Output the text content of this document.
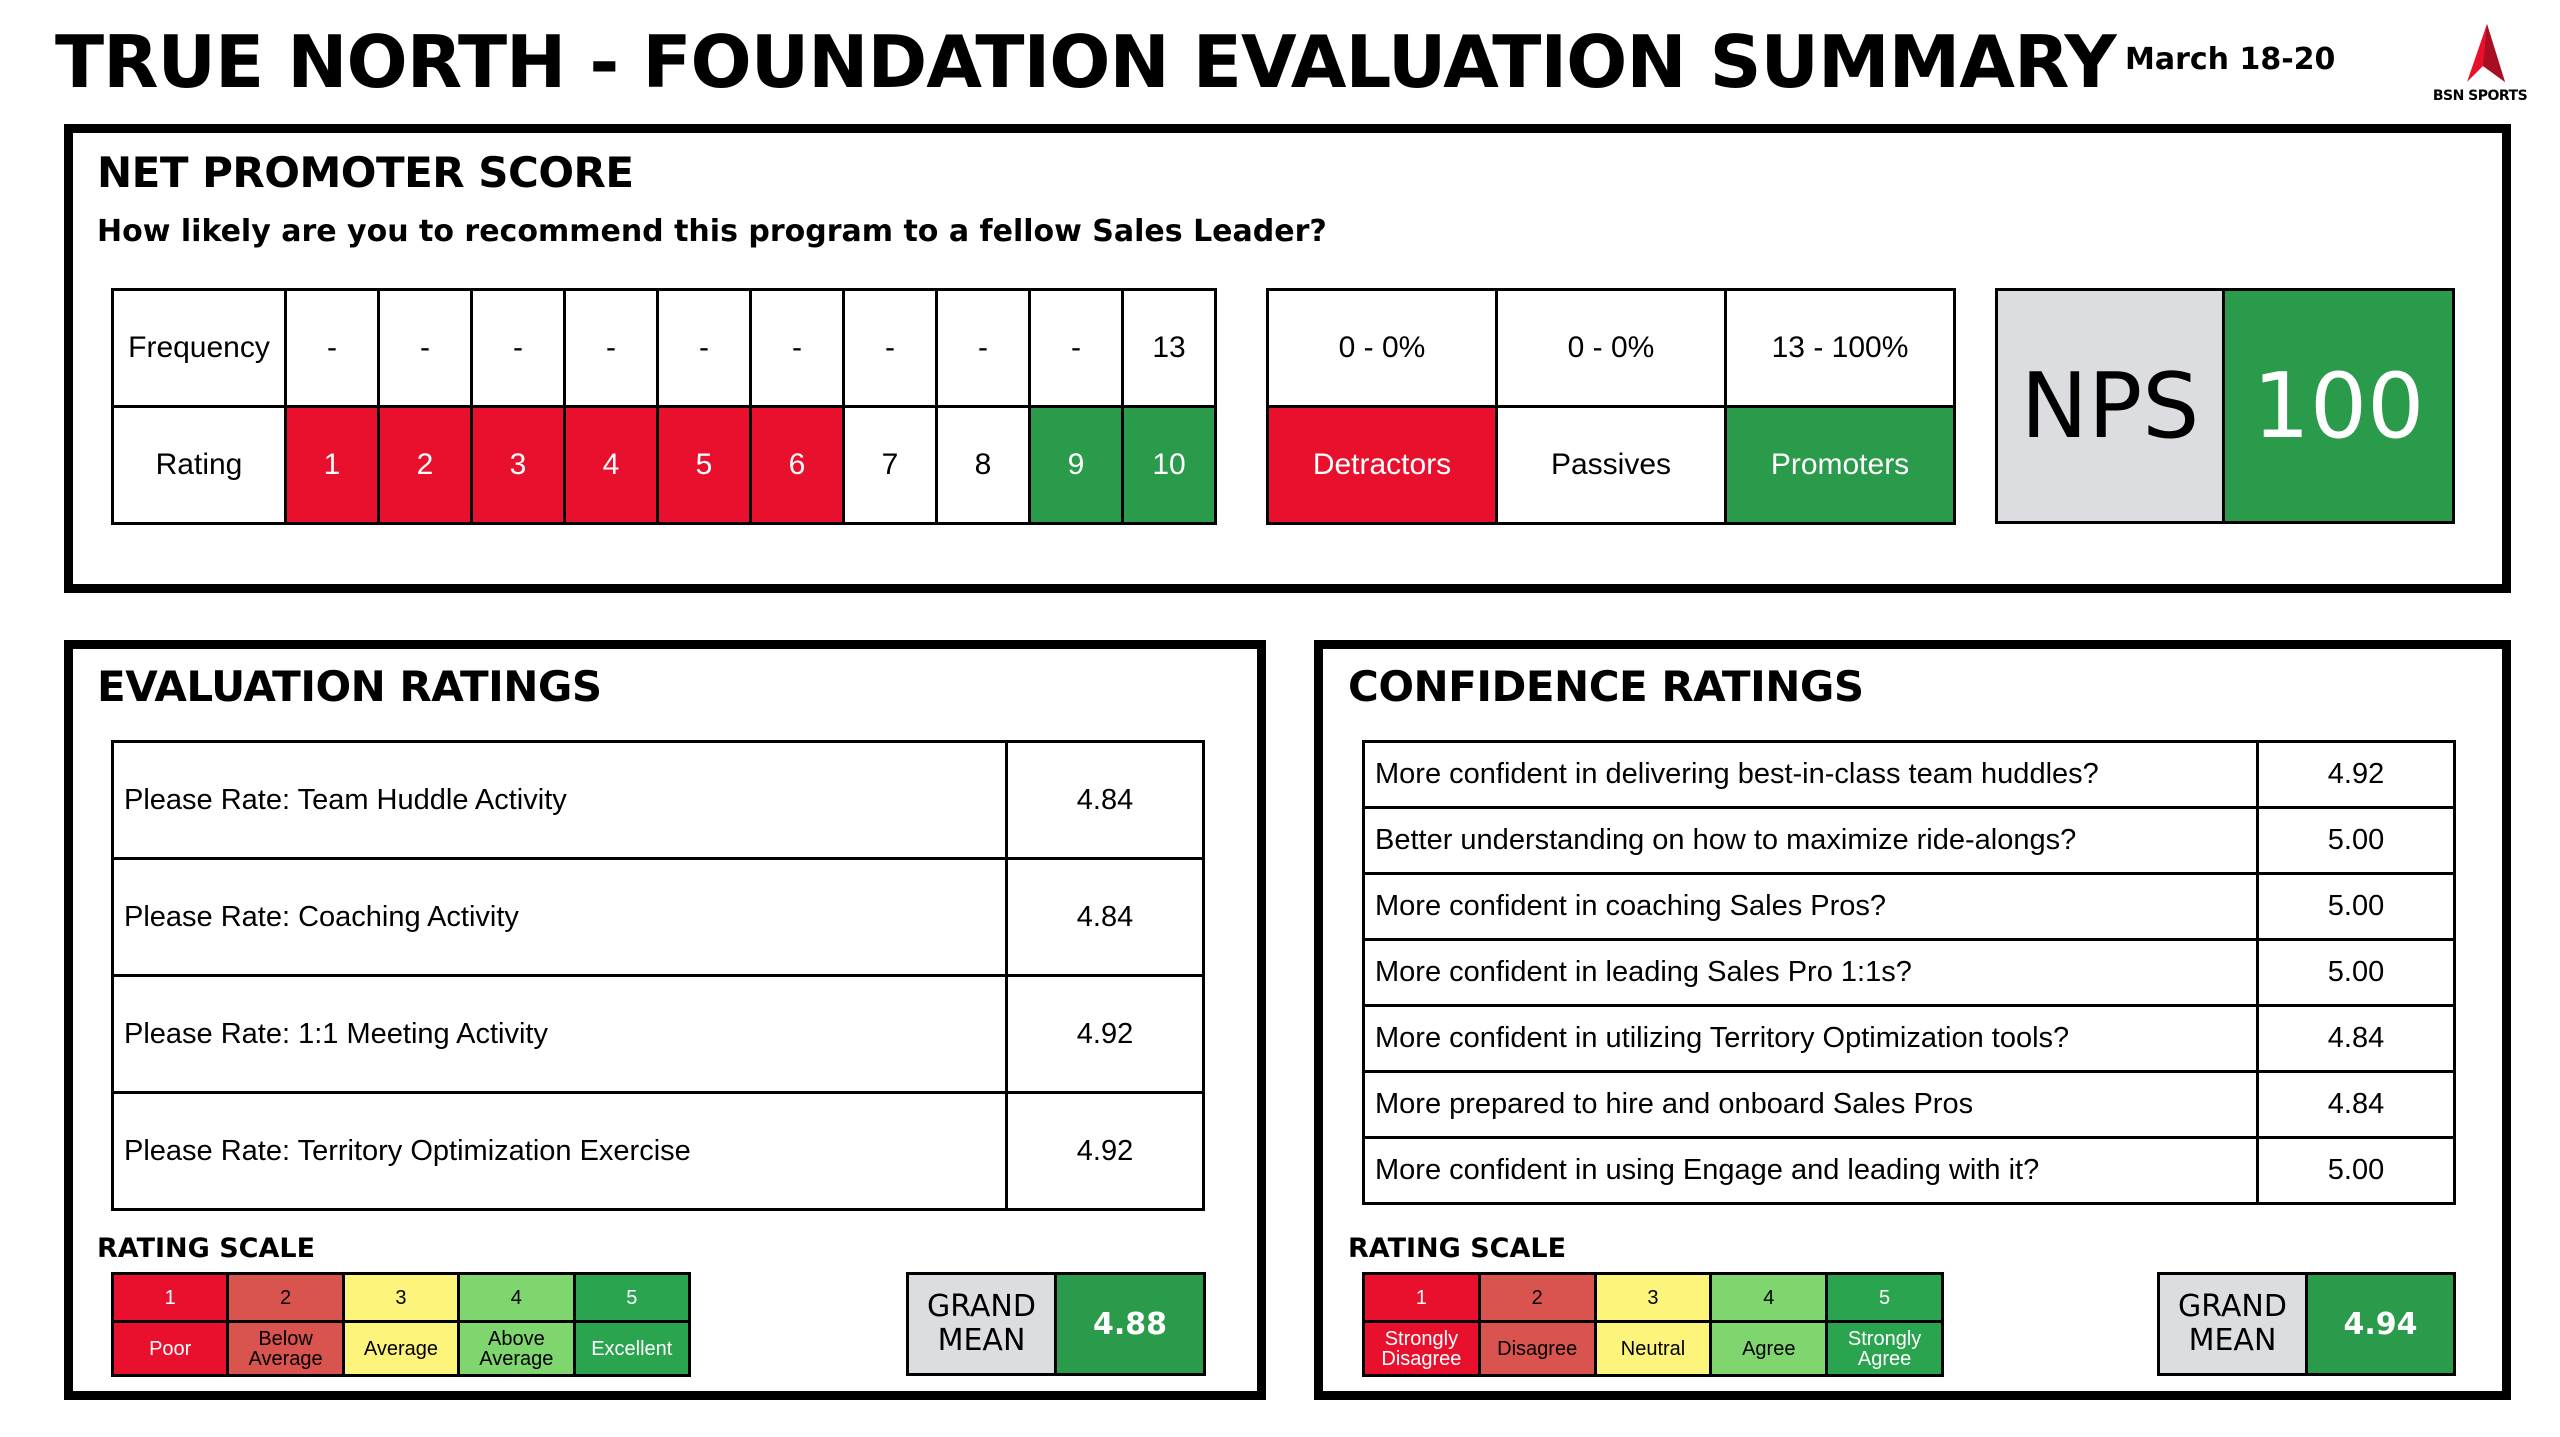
TRUE NORTH - FOUNDATION EVALUATION SUMMARY March 18-20
BSN SPORTS
NET PROMOTER SCORE
How likely are you to recommend this program to a fellow Sales Leader?
Frequency	-	-	-	-	-	-	-	-	-	13
Rating	1	2	3	4	5	6	7	8	9	10
0 - 0%	0 - 0%	13 - 100%
Detractors	Passives	Promoters
NPS 100
EVALUATION RATINGS
Please Rate: Team Huddle Activity	4.84
Please Rate: Coaching Activity	4.84
Please Rate: 1:1 Meeting Activity	4.92
Please Rate: Territory Optimization Exercise	4.92
RATING SCALE
1	2	3	4	5
Poor	Below Average	Average	Above Average	Excellent
GRAND MEAN	4.88
CONFIDENCE RATINGS
More confident in delivering best-in-class team huddles?	4.92
Better understanding on how to maximize ride-alongs?	5.00
More confident in coaching Sales Pros?	5.00
More confident in leading Sales Pro 1:1s?	5.00
More confident in utilizing Territory Optimization tools?	4.84
More prepared to hire and onboard Sales Pros	4.84
More confident in using Engage and leading with it?	5.00
RATING SCALE
1	2	3	4	5
Strongly Disagree	Disagree	Neutral	Agree	Strongly Agree
GRAND MEAN	4.94
